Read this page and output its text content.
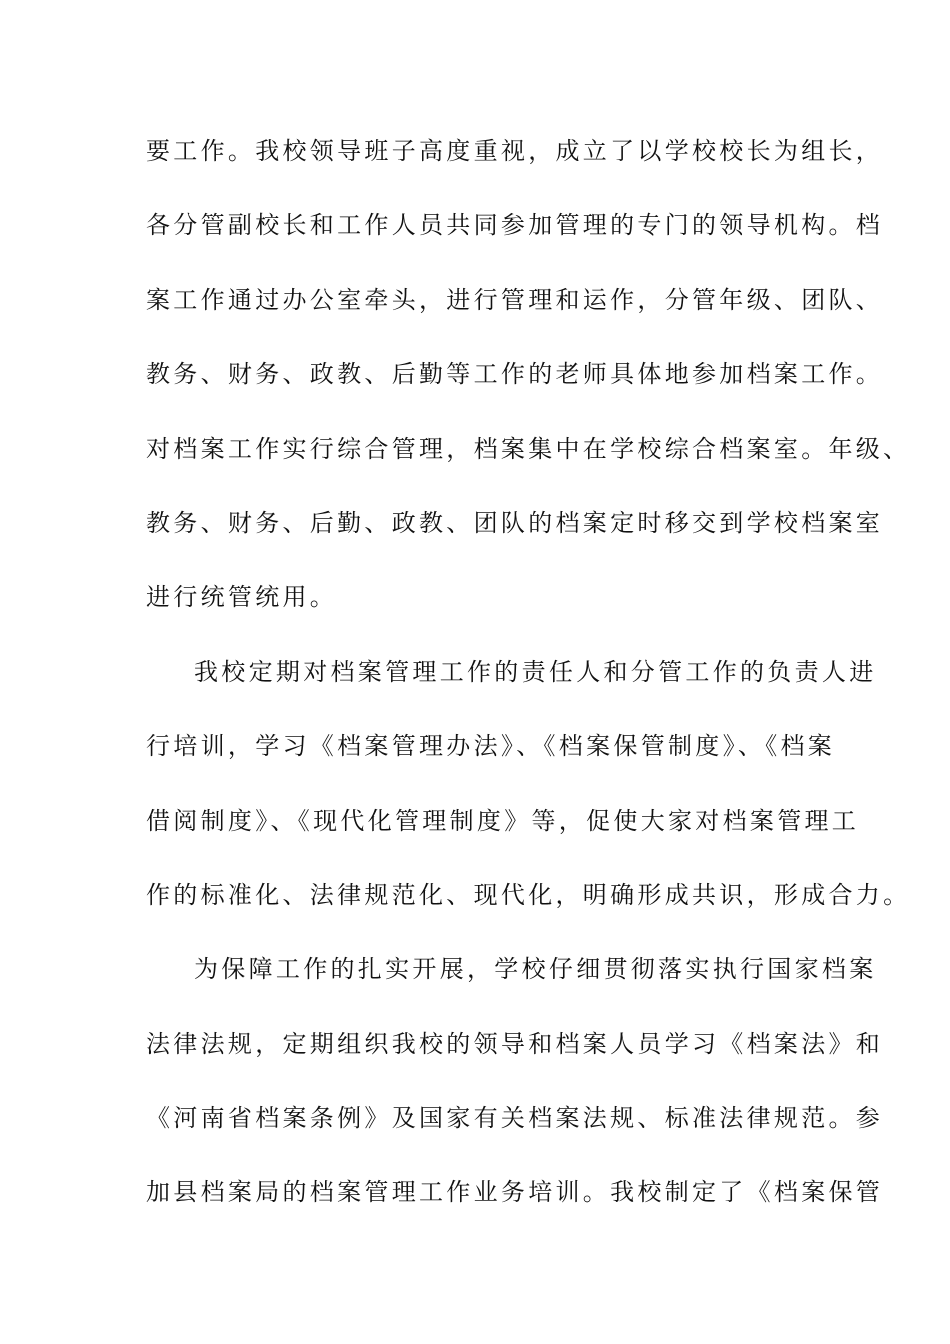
要工作。我校领导班子高度重视，成立了以学校校长为组长，
各分管副校长和工作人员共同参加管理的专门的领导机构。档
案工作通过办公室牵头，进行管理和运作，分管年级、团队、
教务、财务、政教、后勤等工作的老师具体地参加档案工作。
对档案工作实行综合管理，档案集中在学校综合档案室。年级、
教务、财务、后勤、政教、团队的档案定时移交到学校档案室
进行统管统用。
我校定期对档案管理工作的责任人和分管工作的负责人进
行培训，学习《档案管理办法》、《档案保管制度》、《档案
借阅制度》、《现代化管理制度》等，促使大家对档案管理工
作的标准化、法律规范化、现代化，明确形成共识，形成合力。
为保障工作的扎实开展，学校仔细贯彻落实执行国家档案
法律法规，定期组织我校的领导和档案人员学习《档案法》和
《河南省档案条例》及国家有关档案法规、标准法律规范。参
加县档案局的档案管理工作业务培训。我校制定了《档案保管
